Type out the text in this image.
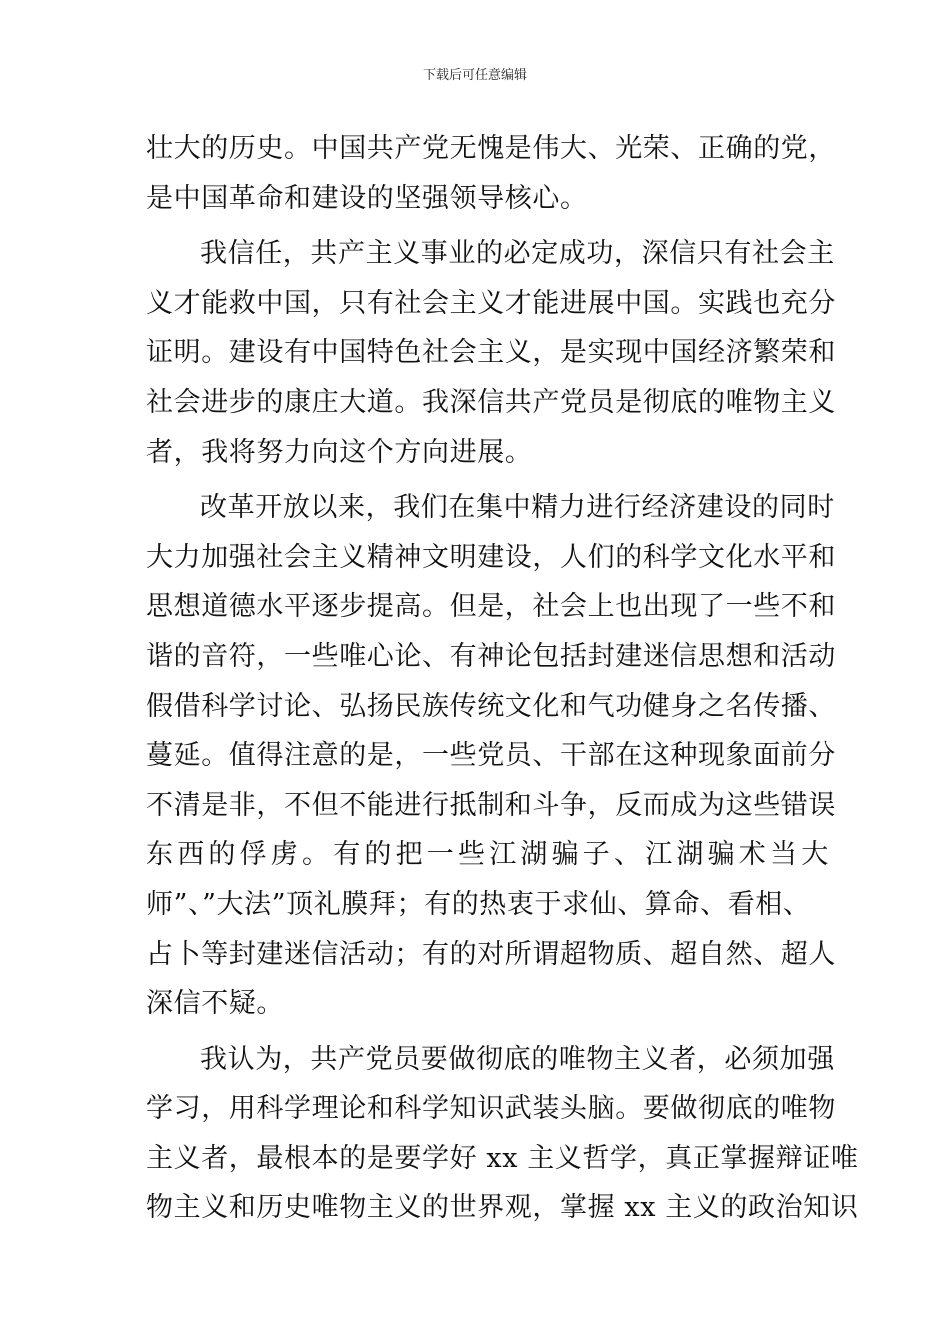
下载后可任意编辑
壮大的历史。中国共产党无愧是伟大、光荣、正确的党，
是中国革命和建设的坚强领导核心。
我信任，共产主义事业的必定成功，深信只有社会主
义才能救中国，只有社会主义才能进展中国。实践也充分
证明。建设有中国特色社会主义，是实现中国经济繁荣和
社会进步的康庄大道。我深信共产党员是彻底的唯物主义
者，我将努力向这个方向进展。
改革开放以来，我们在集中精力进行经济建设的同时
大力加强社会主义精神文明建设，人们的科学文化水平和
思想道德水平逐步提高。但是，社会上也出现了一些不和
谐的音符，一些唯心论、有神论包括封建迷信思想和活动
假借科学讨论、弘扬民族传统文化和气功健身之名传播、
蔓延。值得注意的是，一些党员、干部在这种现象面前分
不清是非，不但不能进行抵制和斗争，反而成为这些错误
东西的俘虏。有的把一些江湖骗子、江湖骗术当大
师”、”大法”顶礼膜拜；有的热衷于求仙、算命、看相、
占卜等封建迷信活动；有的对所谓超物质、超自然、超人
深信不疑。
我认为，共产党员要做彻底的唯物主义者，必须加强
学习，用科学理论和科学知识武装头脑。要做彻底的唯物
主义者，最根本的是要学好 xx 主义哲学，真正掌握辩证唯
物主义和历史唯物主义的世界观，掌握 xx 主义的政治知识
